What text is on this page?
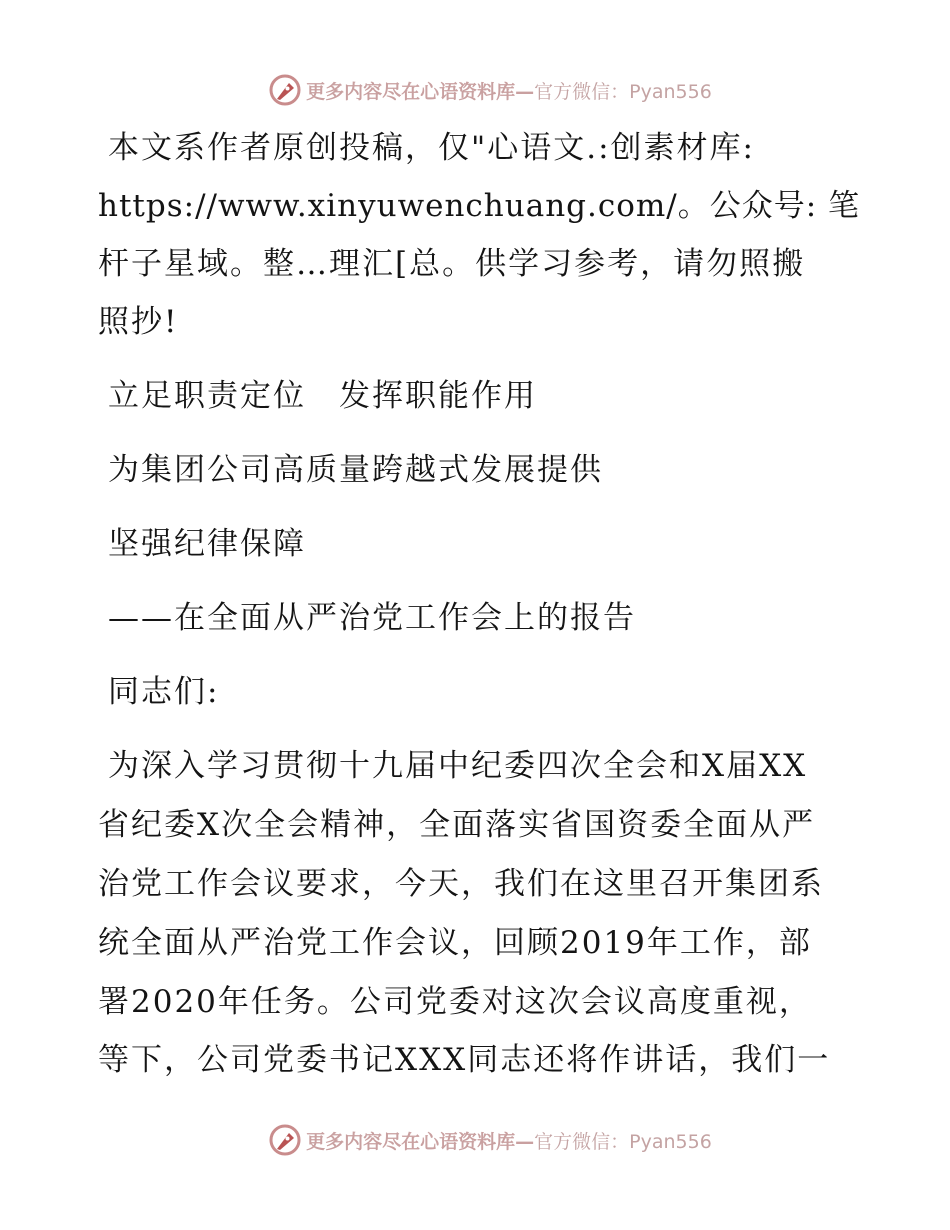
更多内容尽在心语资料库—官方微信：Pyan556
本文系作者原创投稿，仅"心语文.:创素材库:
https://www.xinyuwenchuang.com/。公众号: 笔
杆子星域。整…理汇[总。供学习参考，请勿照搬
照抄!
立足职责定位　发挥职能作用
为集团公司高质量跨越式发展提供
坚强纪律保障
——在全面从严治党工作会上的报告
同志们:
为深入学习贯彻十九届中纪委四次全会和X届XX
省纪委X次全会精神，全面落实省国资委全面从严
治党工作会议要求，今天，我们在这里召开集团系
统全面从严治党工作会议，回顾2019年工作，部
署2020年任务。公司党委对这次会议高度重视，
等下，公司党委书记XXX同志还将作讲话，我们一
更多内容尽在心语资料库—官方微信：Pyan556
